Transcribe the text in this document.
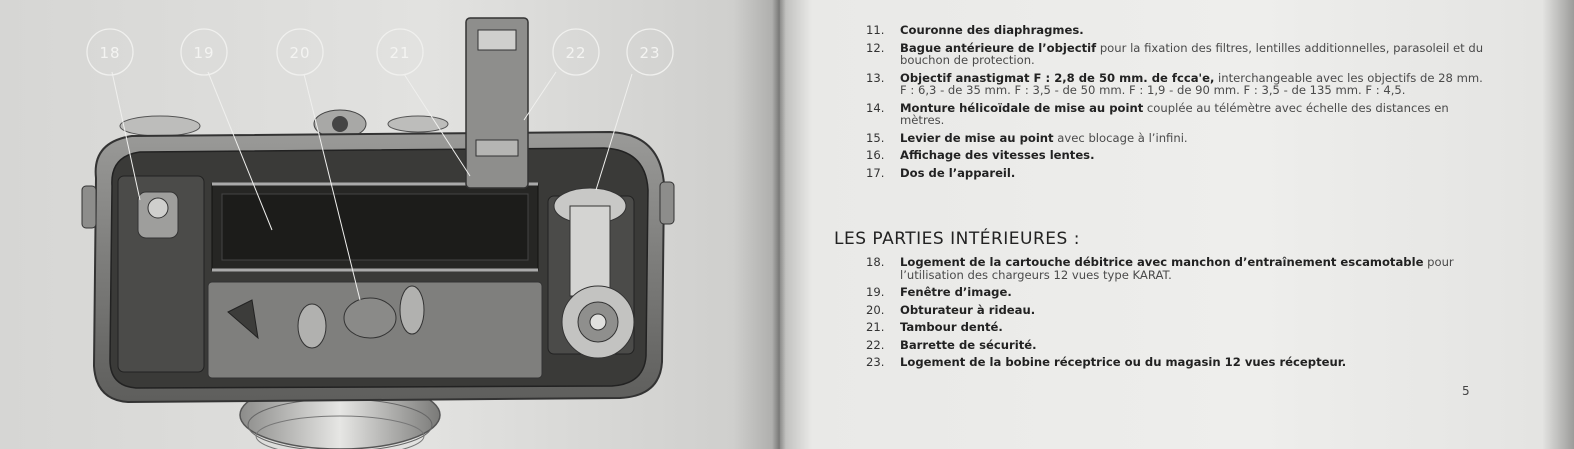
18	19	20	21	22	23
11. Couronne des diaphragmes.
12. Bague antérieure de l’objectif pour la fixation des filtres, lentilles additionnelles, parasoleil et du bouchon de protection.
13. Objectif anastigmat F : 2,8 de 50 mm. de fcca'e, interchangeable avec les objectifs de 28 mm. F : 6,3 - de 35 mm. F : 3,5 - de 50 mm. F : 1,9 - de 90 mm. F : 3,5 - de 135 mm. F : 4,5.
14. Monture hélicoïdale de mise au point couplée au télémètre avec échelle des distances en mètres.
15. Levier de mise au point avec blocage à l’infini.
16. Affichage des vitesses lentes.
17. Dos de l’appareil.
LES PARTIES INTÉRIEURES :
18. Logement de la cartouche débitrice avec manchon d’entraînement escamotable pour l’utilisation des chargeurs 12 vues type KARAT.
19. Fenêtre d’image.
20. Obturateur à rideau.
21. Tambour denté.
22. Barrette de sécurité.
23. Logement de la bobine réceptrice ou du magasin 12 vues récepteur.
5
